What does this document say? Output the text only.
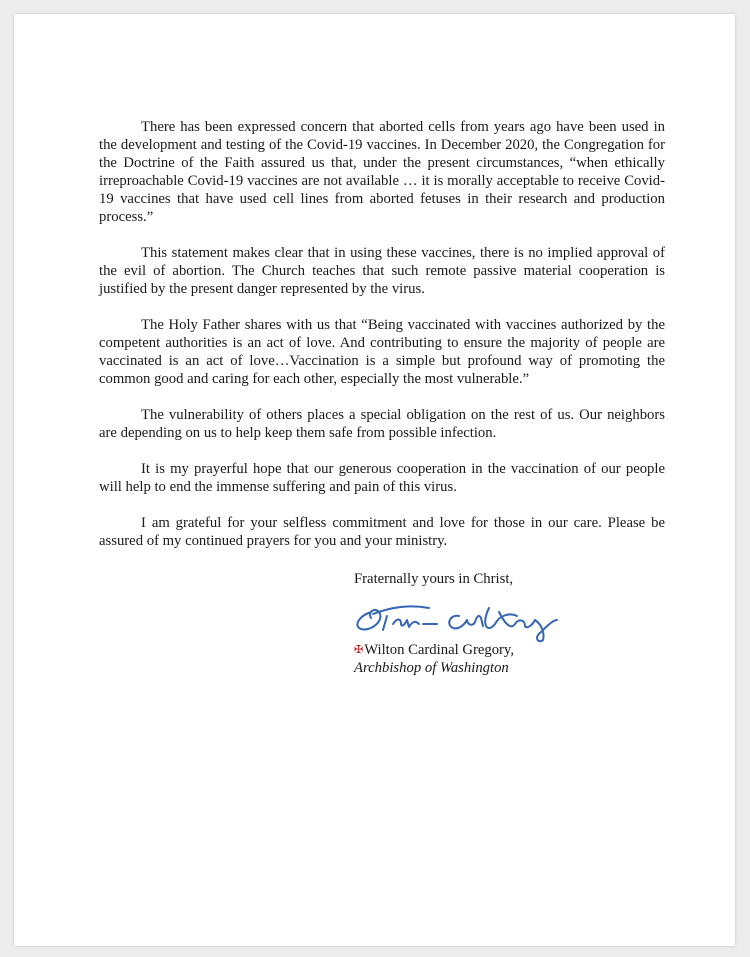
There has been expressed concern that aborted cells from years ago have been used in the development and testing of the Covid-19 vaccines. In December 2020, the Congregation for the Doctrine of the Faith assured us that, under the present circumstances, “when ethically irreproachable Covid-19 vaccines are not available … it is morally acceptable to receive Covid-19 vaccines that have used cell lines from aborted fetuses in their research and production process.”

This statement makes clear that in using these vaccines, there is no implied approval of the evil of abortion. The Church teaches that such remote passive material cooperation is justified by the present danger represented by the virus.

The Holy Father shares with us that “Being vaccinated with vaccines authorized by the competent authorities is an act of love. And contributing to ensure the majority of people are vaccinated is an act of love…Vaccination is a simple but profound way of promoting the common good and caring for each other, especially the most vulnerable.”

The vulnerability of others places a special obligation on the rest of us. Our neighbors are depending on us to help keep them safe from possible infection.

It is my prayerful hope that our generous cooperation in the vaccination of our people will help to end the immense suffering and pain of this virus.

I am grateful for your selfless commitment and love for those in our care. Please be assured of my continued prayers for you and your ministry.

Fraternally yours in Christ,

✠Wilton Cardinal Gregory,
Archbishop of Washington
